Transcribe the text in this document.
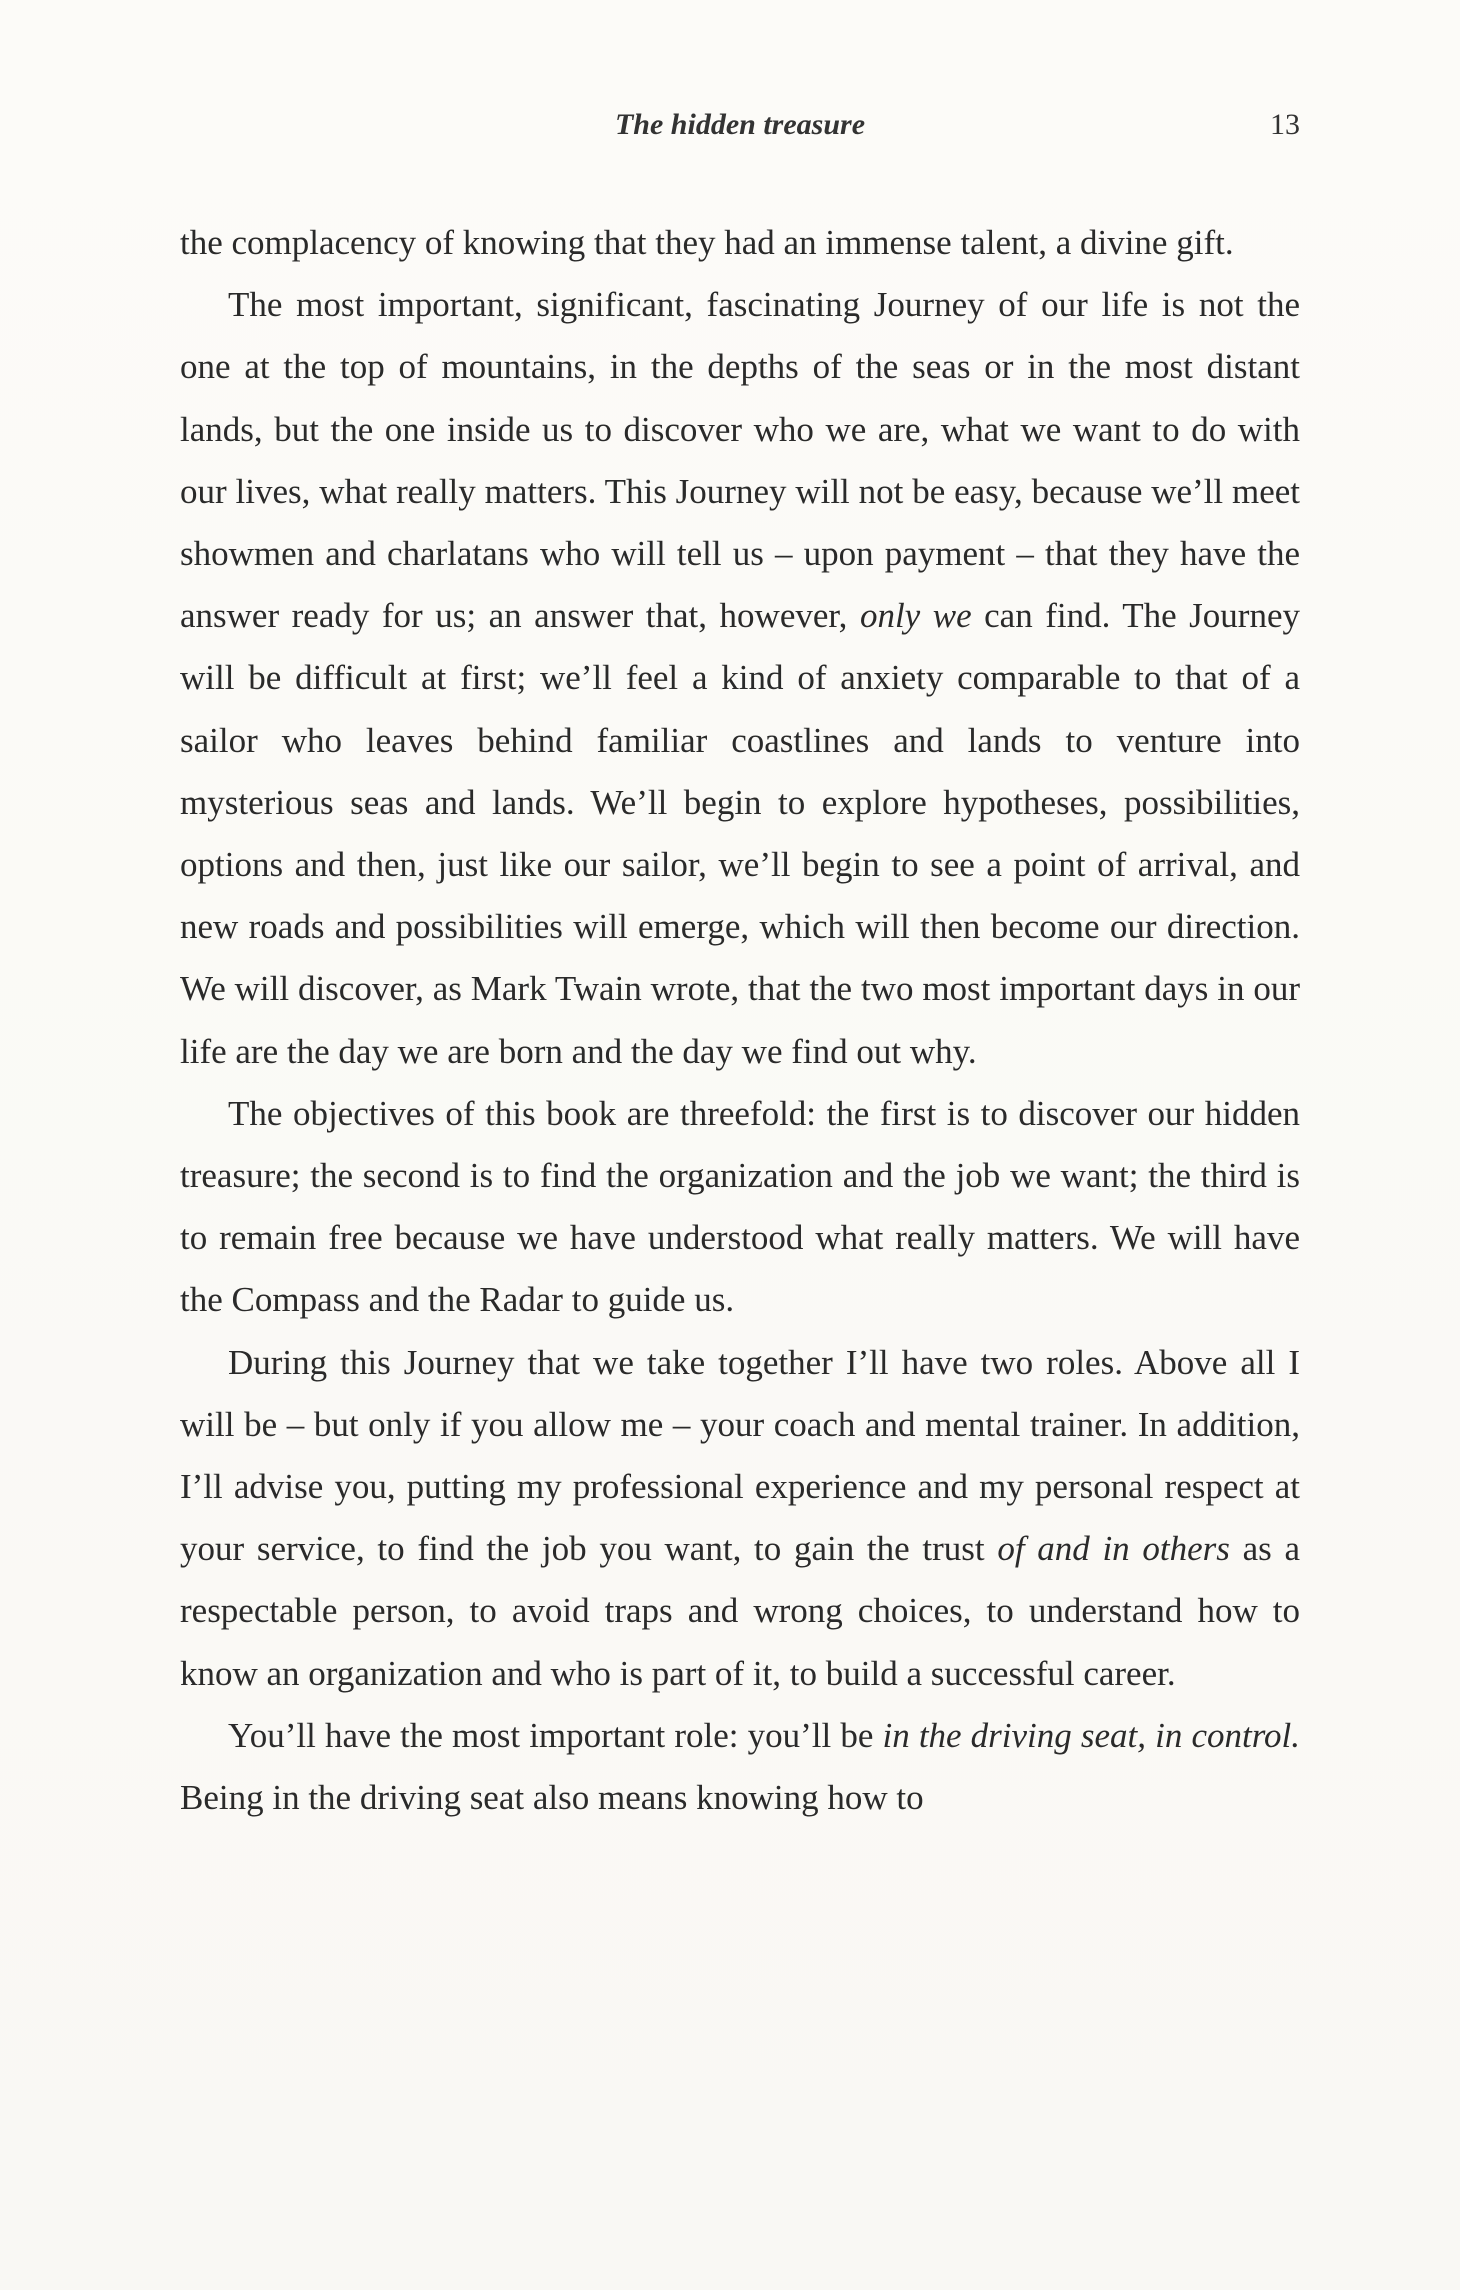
The hidden treasure	13

the complacency of knowing that they had an immense talent, a divine gift.

The most important, significant, fascinating Journey of our life is not the one at the top of mountains, in the depths of the seas or in the most distant lands, but the one inside us to discover who we are, what we want to do with our lives, what really matters. This Journey will not be easy, because we’ll meet showmen and charlatans who will tell us – upon payment – that they have the answer ready for us; an answer that, however, only we can find. The Journey will be difficult at first; we’ll feel a kind of anxiety comparable to that of a sailor who leaves behind familiar coastlines and lands to venture into mysterious seas and lands. We’ll begin to explore hypotheses, possibilities, options and then, just like our sailor, we’ll begin to see a point of arrival, and new roads and possibilities will emerge, which will then become our direction. We will discover, as Mark Twain wrote, that the two most important days in our life are the day we are born and the day we find out why.

The objectives of this book are threefold: the first is to discover our hidden treasure; the second is to find the organization and the job we want; the third is to remain free because we have understood what really matters. We will have the Compass and the Radar to guide us.

During this Journey that we take together I’ll have two roles. Above all I will be – but only if you allow me – your coach and mental trainer. In addition, I’ll advise you, putting my professional experience and my personal respect at your service, to find the job you want, to gain the trust of and in others as a respectable person, to avoid traps and wrong choices, to understand how to know an organization and who is part of it, to build a successful career.

You’ll have the most important role: you’ll be in the driving seat, in control. Being in the driving seat also means knowing how to
